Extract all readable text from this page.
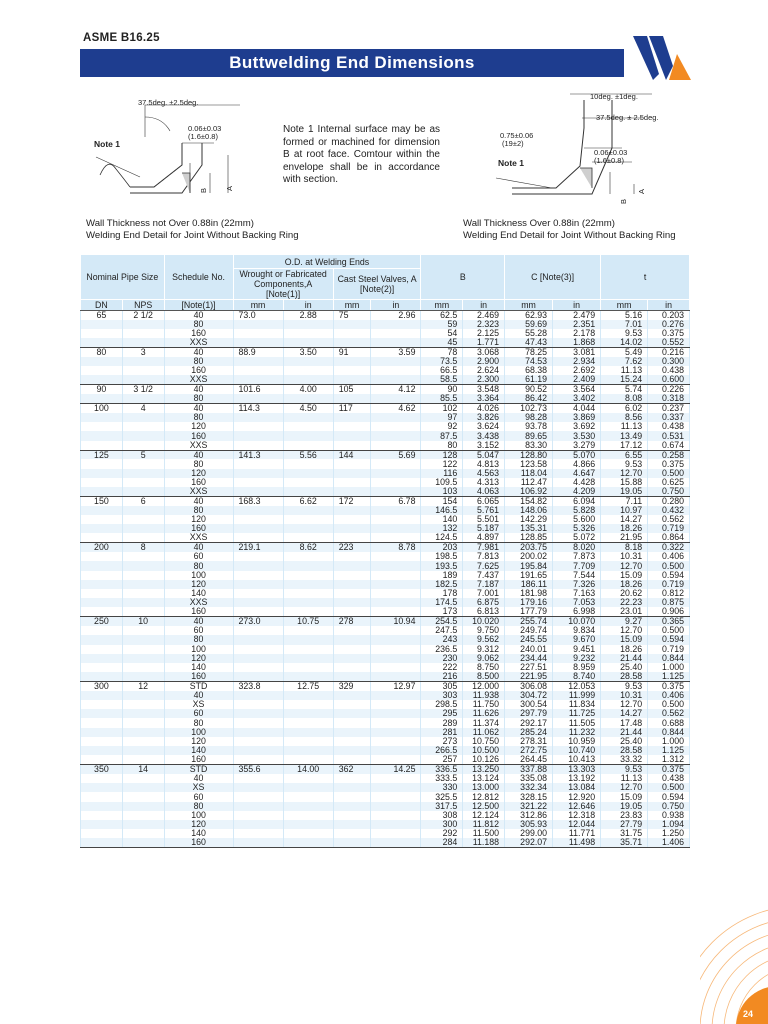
ASME B16.25
Buttwelding End Dimensions
37.5deg. ±2.5deg.
0.06±0.03
(1.6±0.8)
Note 1
B A
Note 1 Internal surface may be as formed or machined for dimension B at root face. Comtour within the envelope shall be in accordance with section.
Wall Thickness not Over 0.88in (22mm)
Welding End Detail for Joint Without Backing Ring
10deg. ±1deg.
37.5deg. ± 2.5deg.
0.75±0.06
(19±2)
Note 1
0.06±0.03
(1.6±0.8)
B
A
Wall Thickness Over 0.88in (22mm)
Welding End Detail for Joint Without Backing Ring
Nominal Pipe Size		Schedule No.	O.D. at Welding Ends				B		C [Note(3)]		t	
			Wrought or Fabricated Components,A [Note(1)]		Cast Steel Valves, A [Note(2)]							
DN	NPS	[Note(1)]	mm	in	mm	in	mm	in	mm	in	mm	in
65	2 1/2	40	73.0	2.88	75	2.96	62.5	2.469	62.93	2.479	5.16	0.203
		80					59	2.323	59.69	2.351	7.01	0.276
		160					54	2.125	55.28	2.178	9.53	0.375
		XXS					45	1.771	47.43	1.868	14.02	0.552
80	3	40	88.9	3.50	91	3.59	78	3.068	78.25	3.081	5.49	0.216
		80					73.5	2.900	74.53	2.934	7.62	0.300
		160					66.5	2.624	68.38	2.692	11.13	0.438
		XXS					58.5	2.300	61.19	2.409	15.24	0.600
90	3 1/2	40	101.6	4.00	105	4.12	90	3.548	90.52	3.564	5.74	0.226
		80					85.5	3.364	86.42	3.402	8.08	0.318
100	4	40	114.3	4.50	117	4.62	102	4.026	102.73	4.044	6.02	0.237
		80					97	3.826	98.28	3.869	8.56	0.337
		120					92	3.624	93.78	3.692	11.13	0.438
		160					87.5	3.438	89.65	3.530	13.49	0.531
		XXS					80	3.152	83.30	3.279	17.12	0.674
125	5	40	141.3	5.56	144	5.69	128	5.047	128.80	5.070	6.55	0.258
		80					122	4.813	123.58	4.866	9.53	0.375
		120					116	4.563	118.04	4.647	12.70	0.500
		160					109.5	4.313	112.47	4.428	15.88	0.625
		XXS					103	4.063	106.92	4.209	19.05	0.750
150	6	40	168.3	6.62	172	6.78	154	6.065	154.82	6.094	7.11	0.280
		80					146.5	5.761	148.06	5.828	10.97	0.432
		120					140	5.501	142.29	5.600	14.27	0.562
		160					132	5.187	135.31	5.326	18.26	0.719
		XXS					124.5	4.897	128.85	5.072	21.95	0.864
200	8	40	219.1	8.62	223	8.78	203	7.981	203.75	8.020	8.18	0.322
		60					198.5	7.813	200.02	7.873	10.31	0.406
		80					193.5	7.625	195.84	7.709	12.70	0.500
		100					189	7.437	191.65	7.544	15.09	0.594
		120					182.5	7.187	186.11	7.326	18.26	0.719
		140					178	7.001	181.98	7.163	20.62	0.812
		XXS					174.5	6.875	179.16	7.053	22.23	0.875
		160					173	6.813	177.79	6.998	23.01	0.906
250	10	40	273.0	10.75	278	10.94	254.5	10.020	255.74	10.070	9.27	0.365
		60					247.5	9.750	249.74	9.834	12.70	0.500
		80					243	9.562	245.55	9.670	15.09	0.594
		100					236.5	9.312	240.01	9.451	18.26	0.719
		120					230	9.062	234.44	9.232	21.44	0.844
		140					222	8.750	227.51	8.959	25.40	1.000
		160					216	8.500	221.95	8.740	28.58	1.125
300	12	STD	323.8	12.75	329	12.97	305	12.000	306.08	12.053	9.53	0.375
		40					303	11.938	304.72	11.999	10.31	0.406
		XS					298.5	11.750	300.54	11.834	12.70	0.500
		60					295	11.626	297.79	11.725	14.27	0.562
		80					289	11.374	292.17	11.505	17.48	0.688
		100					281	11.062	285.24	11.232	21.44	0.844
		120					273	10.750	278.31	10.959	25.40	1.000
		140					266.5	10.500	272.75	10.740	28.58	1.125
		160					257	10.126	264.45	10.413	33.32	1.312
350	14	STD	355.6	14.00	362	14.25	336.5	13.250	337.88	13.303	9.53	0.375
		40					333.5	13.124	335.08	13.192	11.13	0.438
		XS					330	13.000	332.34	13.084	12.70	0.500
		60					325.5	12.812	328.15	12.920	15.09	0.594
		80					317.5	12.500	321.22	12.646	19.05	0.750
		100					308	12.124	312.86	12.318	23.83	0.938
		120					300	11.812	305.93	12.044	27.79	1.094
		140					292	11.500	299.00	11.771	31.75	1.250
		160					284	11.188	292.07	11.498	35.71	1.406
24
